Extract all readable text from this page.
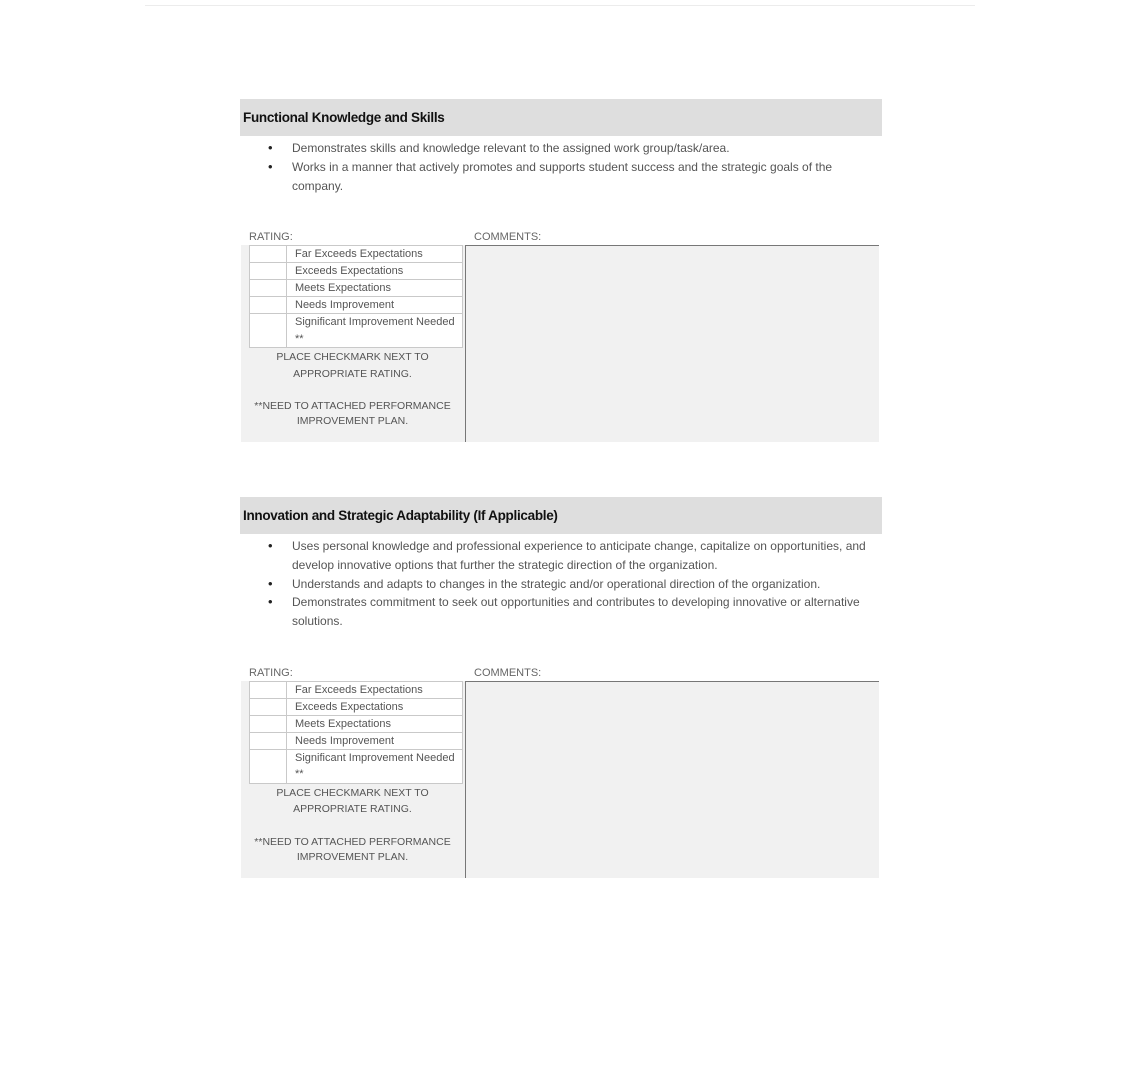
Functional Knowledge and Skills
• Demonstrates skills and knowledge relevant to the assigned work group/task/area.
• Works in a manner that actively promotes and supports student success and the strategic goals of the company.
RATING:	COMMENTS:
	Far Exceeds Expectations
	Exceeds Expectations
	Meets Expectations
	Needs Improvement
	Significant Improvement Needed **
PLACE CHECKMARK NEXT TO APPROPRIATE RATING.
**NEED TO ATTACHED PERFORMANCE IMPROVEMENT PLAN.
Innovation and Strategic Adaptability (If Applicable)
• Uses personal knowledge and professional experience to anticipate change, capitalize on opportunities, and develop innovative options that further the strategic direction of the organization.
• Understands and adapts to changes in the strategic and/or operational direction of the organization.
• Demonstrates commitment to seek out opportunities and contributes to developing innovative or alternative solutions.
RATING:	COMMENTS:
	Far Exceeds Expectations
	Exceeds Expectations
	Meets Expectations
	Needs Improvement
	Significant Improvement Needed **
PLACE CHECKMARK NEXT TO APPROPRIATE RATING.
**NEED TO ATTACHED PERFORMANCE IMPROVEMENT PLAN.
